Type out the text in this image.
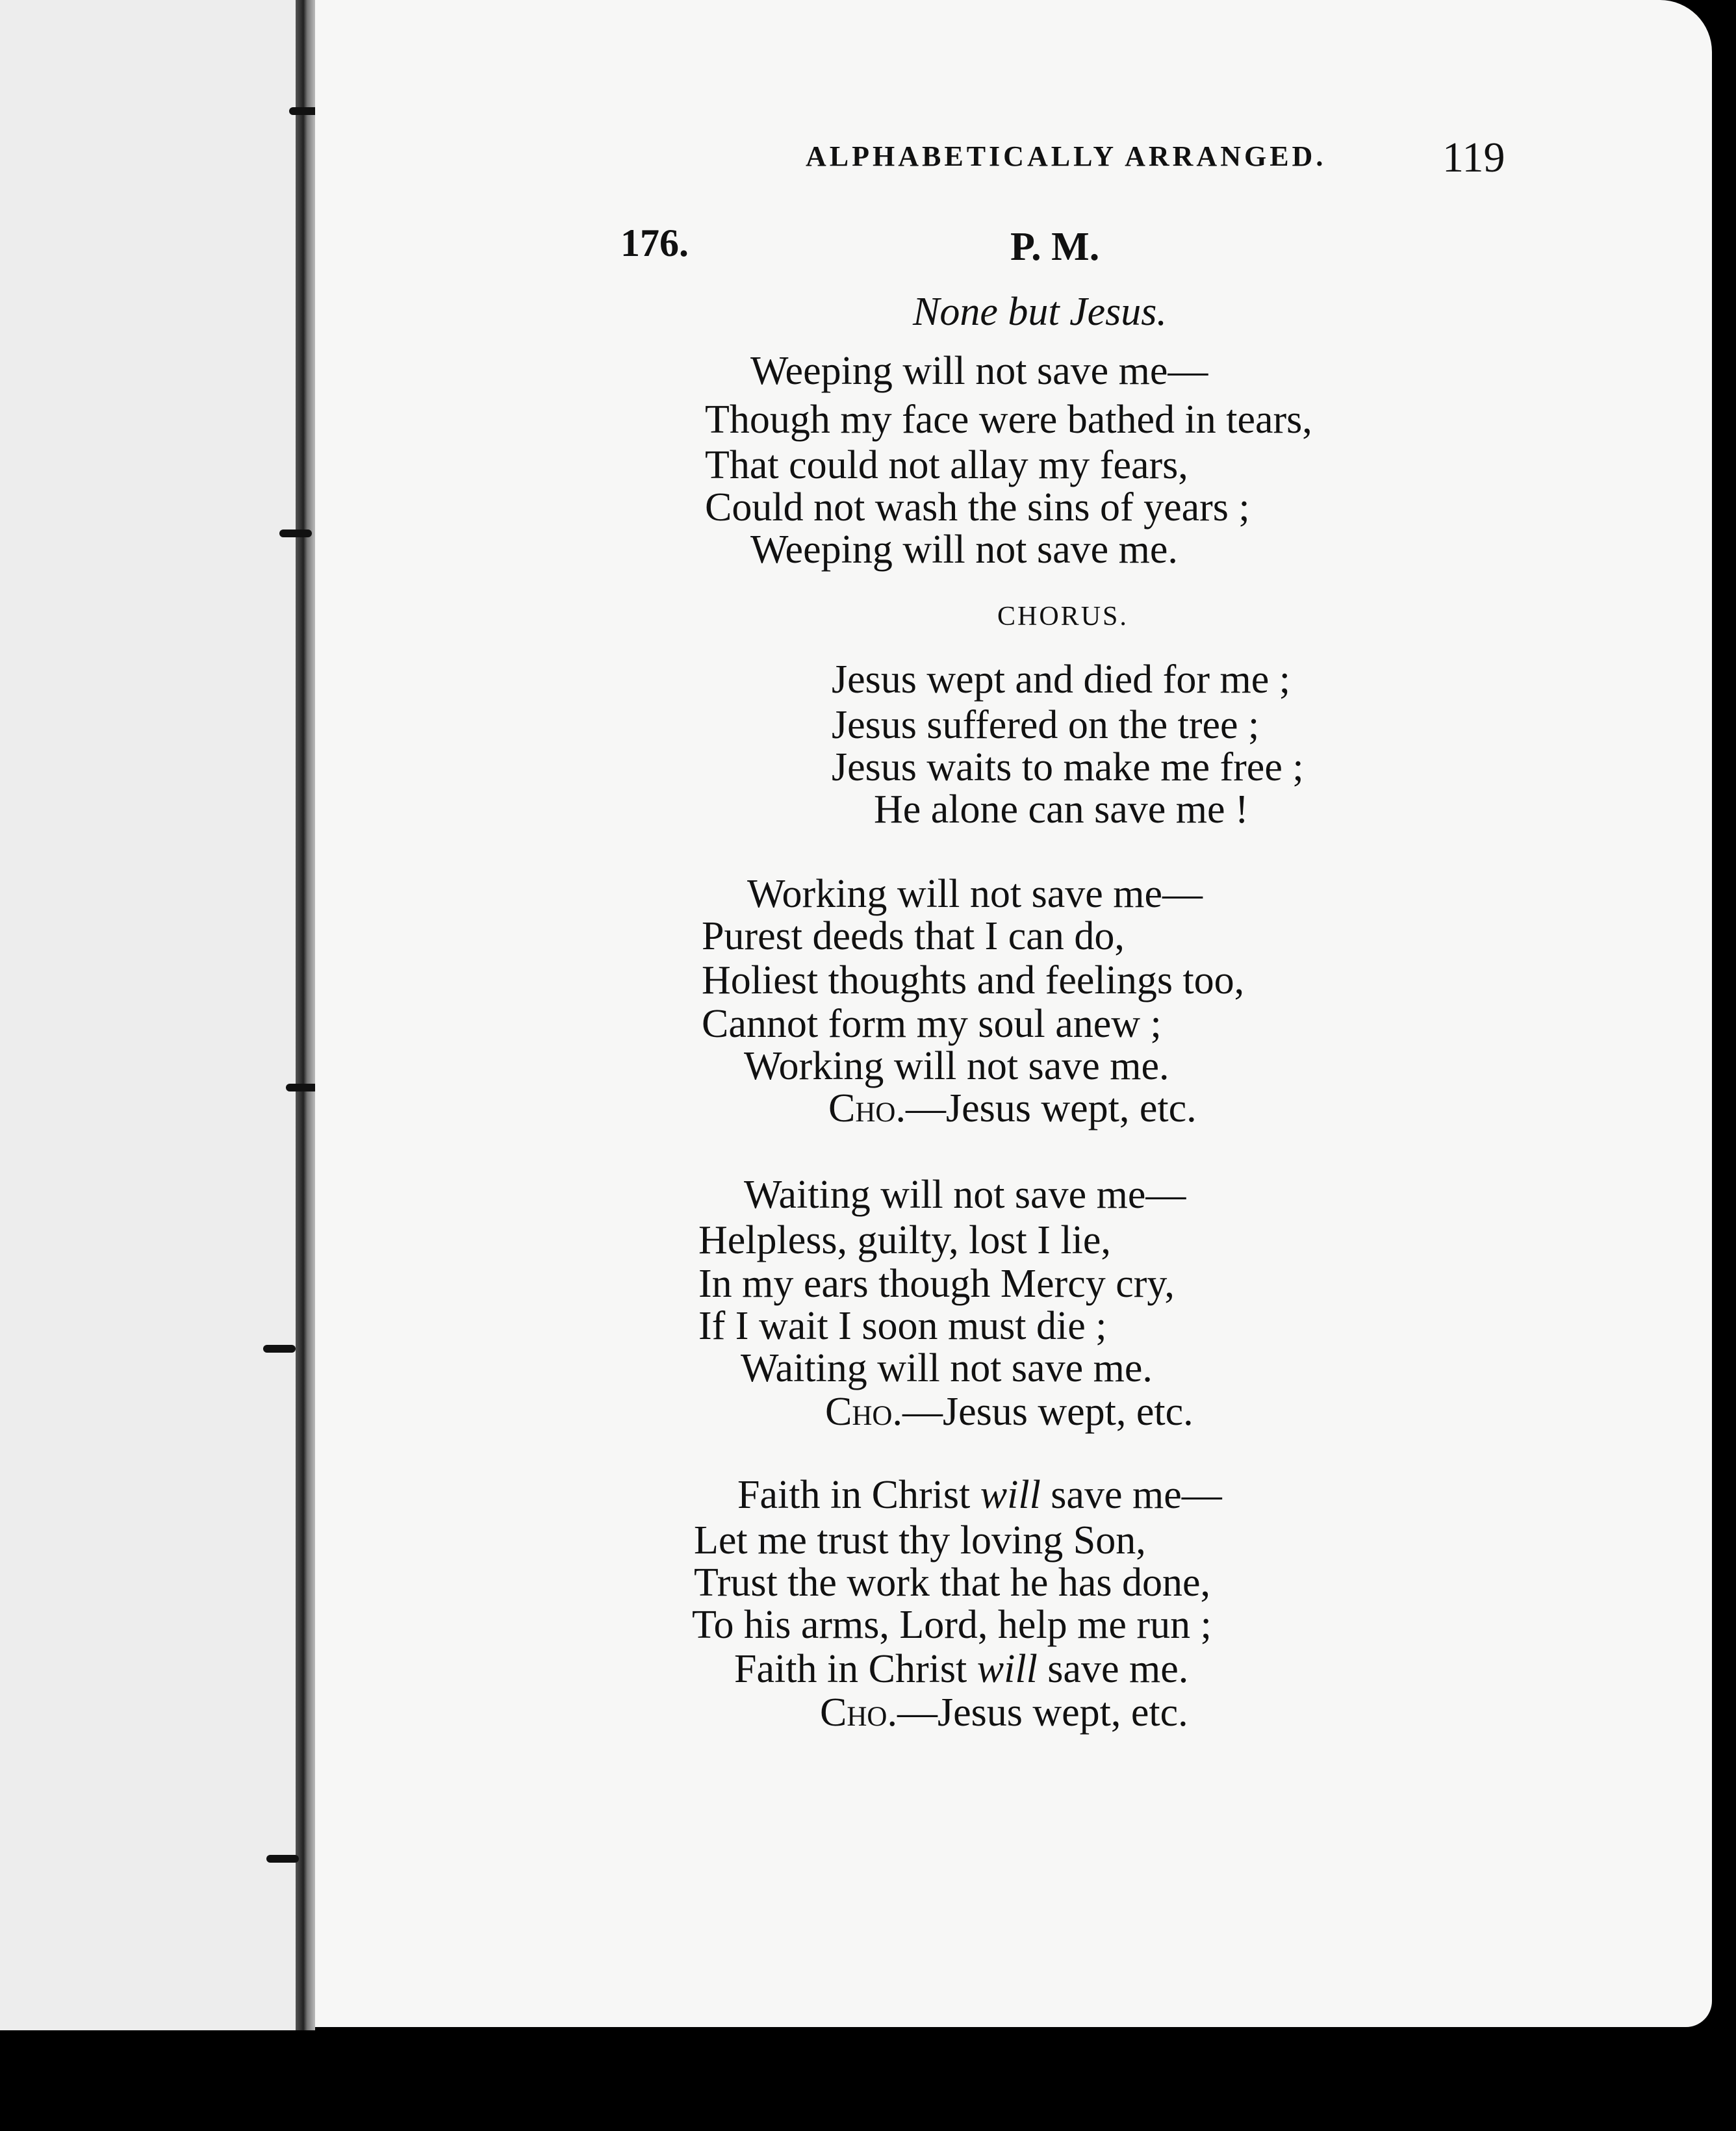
ALPHABETICALLY ARRANGED.	119
176.	P. M.
None but Jesus.
Weeping will not save me—
Though my face were bathed in tears,
That could not allay my fears,
Could not wash the sins of years ;
Weeping will not save me.
CHORUS.
Jesus wept and died for me ;
Jesus suffered on the tree ;
Jesus waits to make me free ;
He alone can save me !
Working will not save me—
Purest deeds that I can do,
Holiest thoughts and feelings too,
Cannot form my soul anew ;
Working will not save me.
Cho.—Jesus wept, etc.
Waiting will not save me—
Helpless, guilty, lost I lie,
In my ears though Mercy cry,
If I wait I soon must die ;
Waiting will not save me.
Cho.—Jesus wept, etc.
Faith in Christ will save me—
Let me trust thy loving Son,
Trust the work that he has done,
To his arms, Lord, help me run ;
Faith in Christ will save me.
Cho.—Jesus wept, etc.
